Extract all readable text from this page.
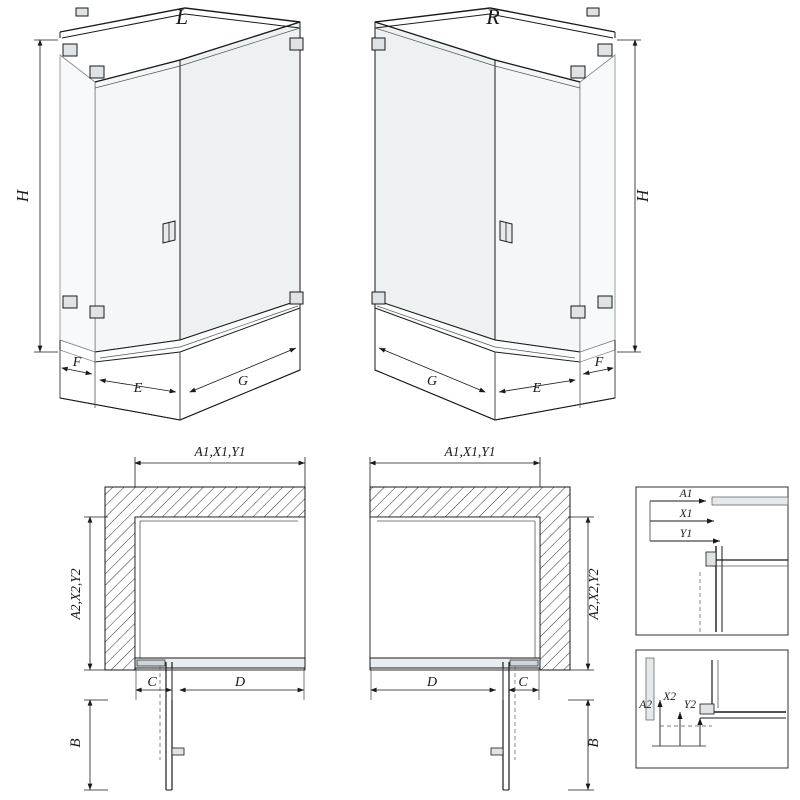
L
H
F
E	G
R
H
F
E
G
A1,X1,Y1
A2,X2,Y2
C	D
B
A1,X1,Y1
A2,X2,Y2
D	C
B
A1
X1
Y1
A2
X2
Y2
